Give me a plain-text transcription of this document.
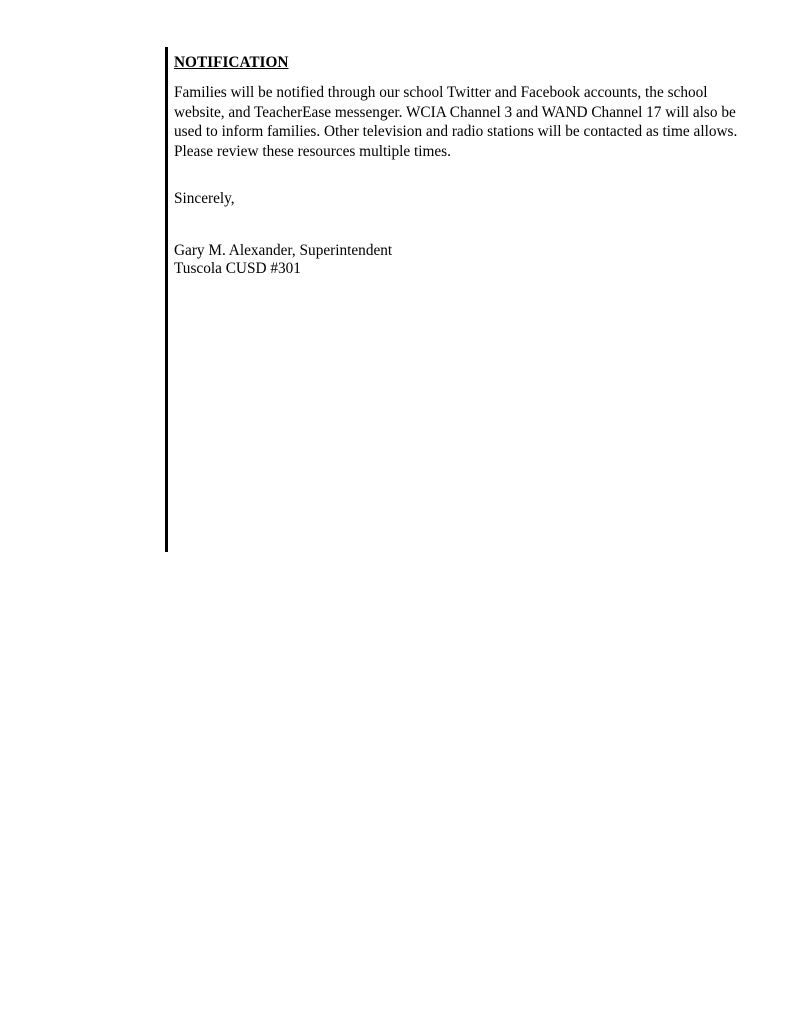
NOTIFICATION

Families will be notified through our school Twitter and Facebook accounts, the school website, and TeacherEase messenger. WCIA Channel 3 and WAND Channel 17 will also be used to inform families. Other television and radio stations will be contacted as time allows. Please review these resources multiple times.

Sincerely,

Gary M. Alexander, Superintendent
Tuscola CUSD #301
